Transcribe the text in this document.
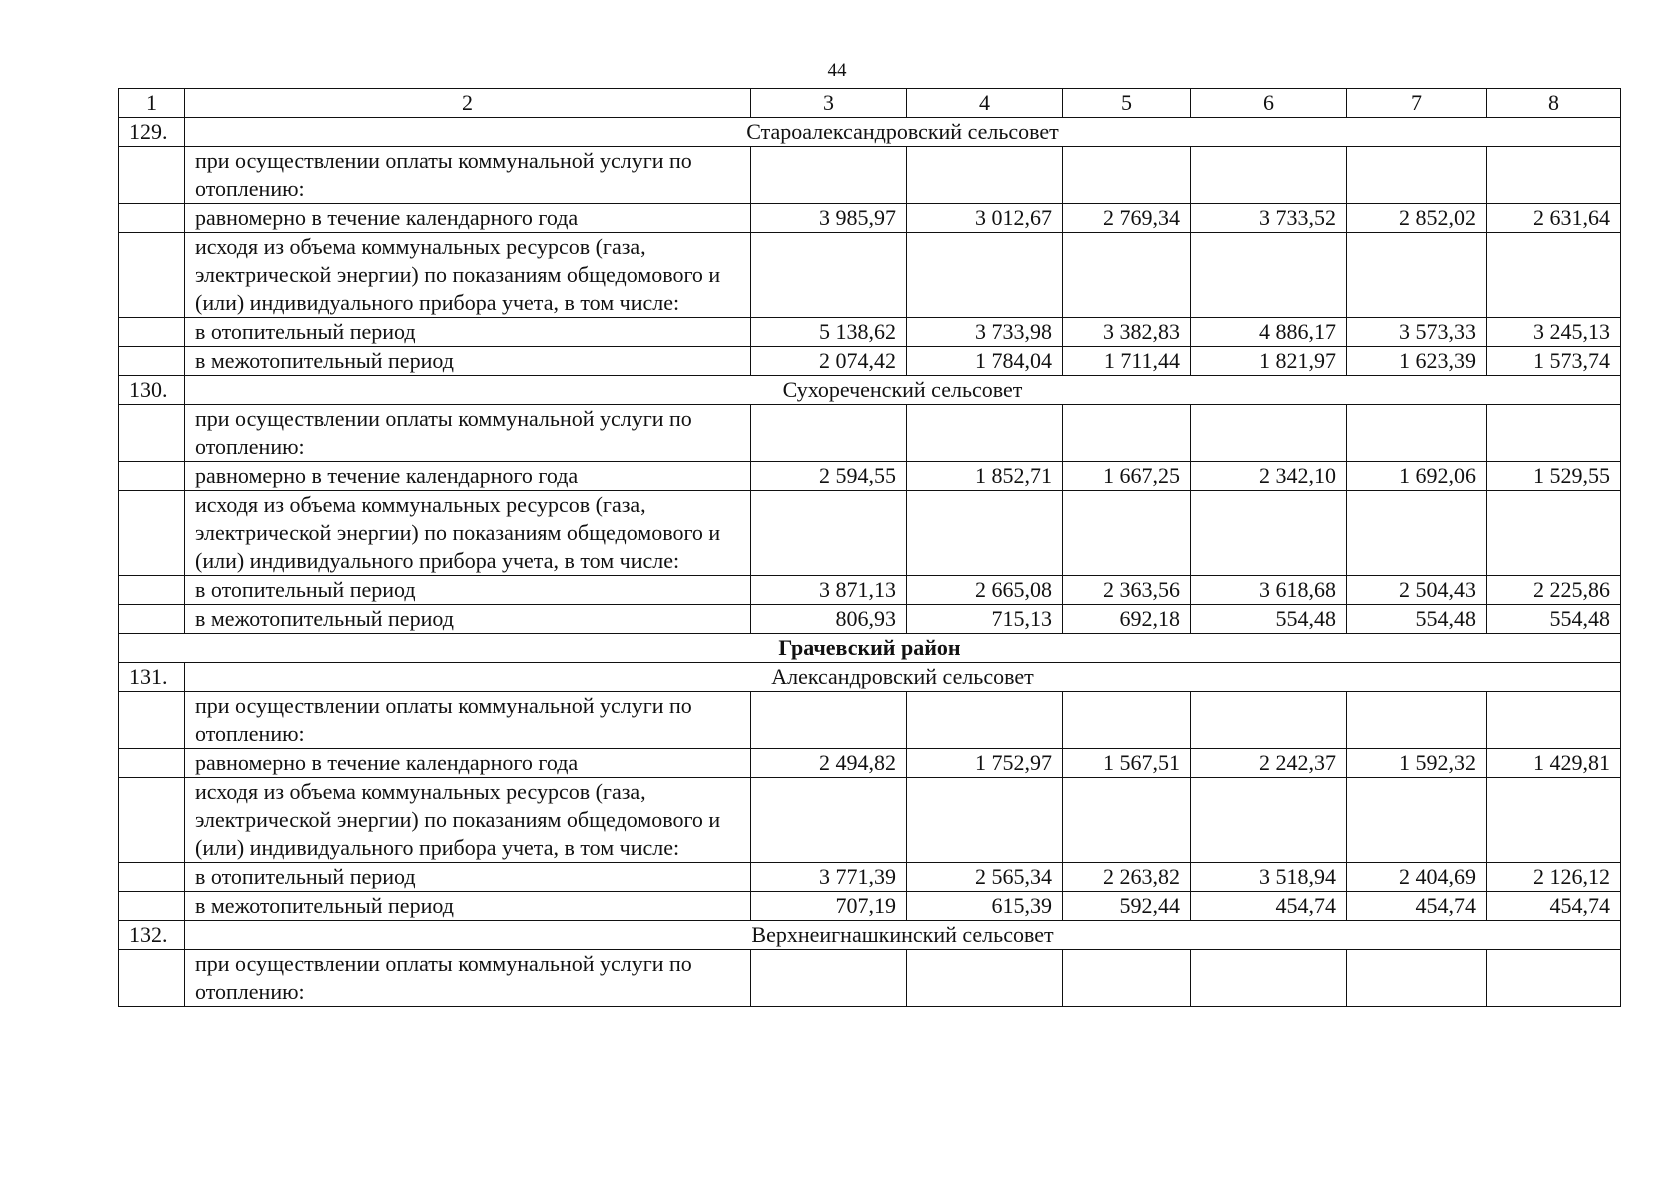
44
1	2	3	4	5	6	7	8
129.	Староалександровский сельсовет						
	при осуществлении оплаты коммунальной услуги по отоплению:						
	равномерно в течение календарного года	3 985,97	3 012,67	2 769,34	3 733,52	2 852,02	2 631,64
	исходя из объема коммунальных ресурсов (газа, электрической энергии) по показаниям общедомового и (или) индивидуального прибора учета, в том числе:						
	в отопительный период	5 138,62	3 733,98	3 382,83	4 886,17	3 573,33	3 245,13
	в межотопительный период	2 074,42	1 784,04	1 711,44	1 821,97	1 623,39	1 573,74
130.	Сухореченский сельсовет						
	при осуществлении оплаты коммунальной услуги по отоплению:						
	равномерно в течение календарного года	2 594,55	1 852,71	1 667,25	2 342,10	1 692,06	1 529,55
	исходя из объема коммунальных ресурсов (газа, электрической энергии) по показаниям общедомового и (или) индивидуального прибора учета, в том числе:						
	в отопительный период	3 871,13	2 665,08	2 363,56	3 618,68	2 504,43	2 225,86
	в межотопительный период	806,93	715,13	692,18	554,48	554,48	554,48
Грачевский район							
131.	Александровский сельсовет						
	при осуществлении оплаты коммунальной услуги по отоплению:						
	равномерно в течение календарного года	2 494,82	1 752,97	1 567,51	2 242,37	1 592,32	1 429,81
	исходя из объема коммунальных ресурсов (газа, электрической энергии) по показаниям общедомового и (или) индивидуального прибора учета, в том числе:						
	в отопительный период	3 771,39	2 565,34	2 263,82	3 518,94	2 404,69	2 126,12
	в межотопительный период	707,19	615,39	592,44	454,74	454,74	454,74
132.	Верхнеигнашкинский сельсовет						
	при осуществлении оплаты коммунальной услуги по отоплению:						
